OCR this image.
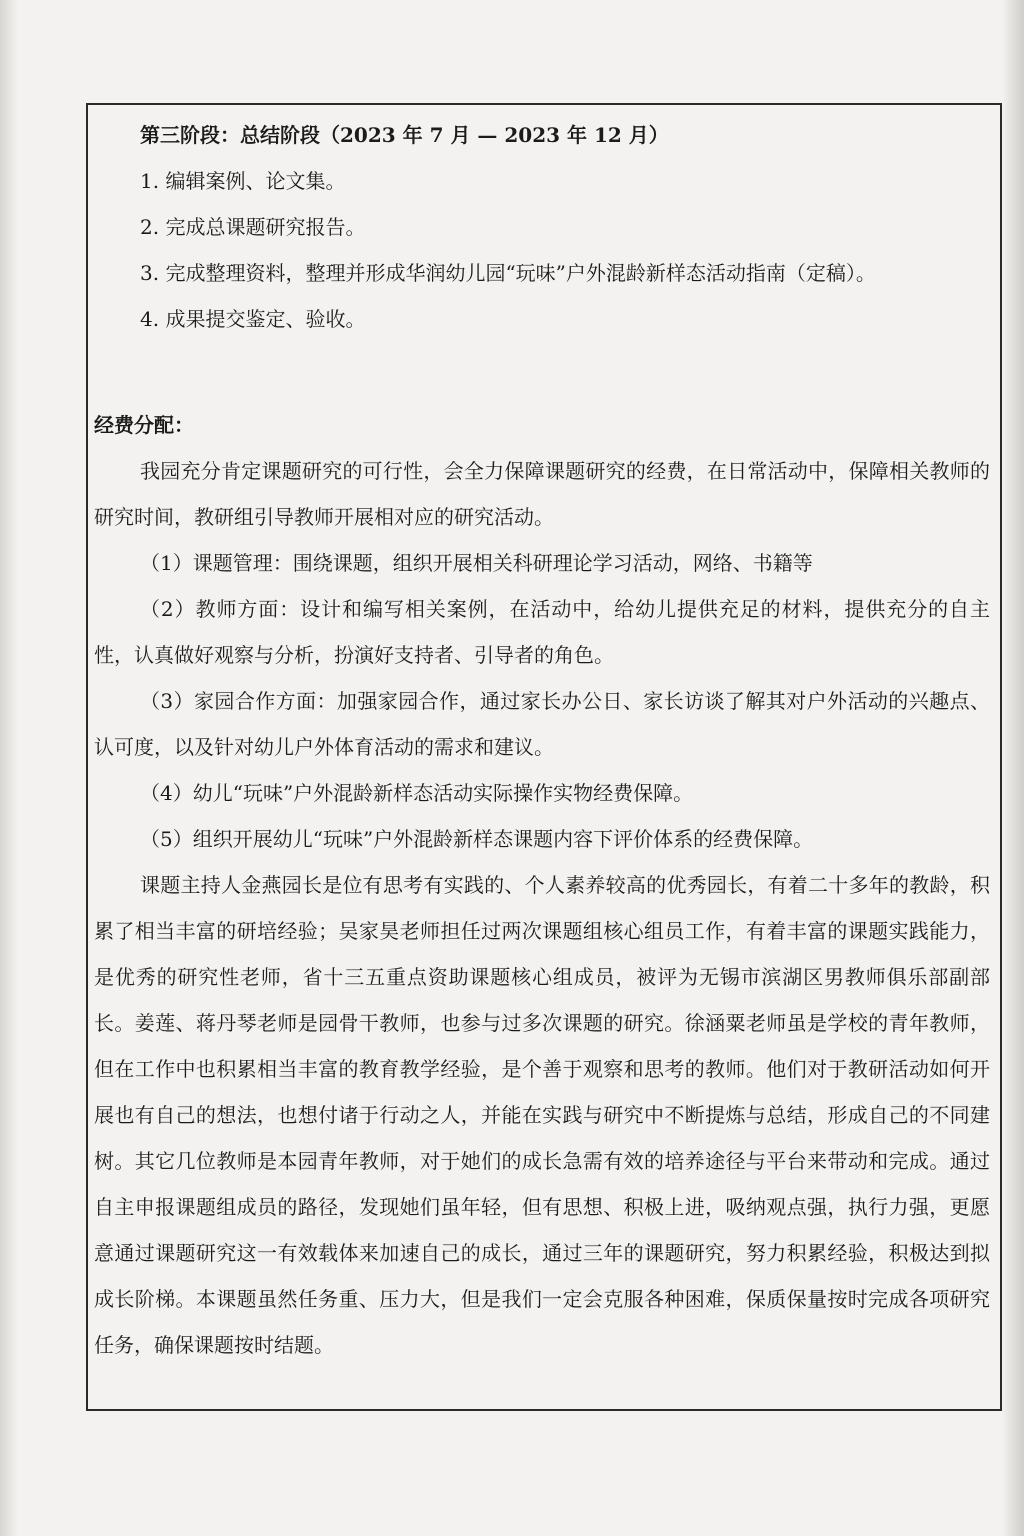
第三阶段：总结阶段（2023 年 7 月 — 2023 年 12 月）

1. 编辑案例、论文集。

2. 完成总课题研究报告。

3. 完成整理资料，整理并形成华润幼儿园“玩味”户外混龄新样态活动指南（定稿）。

4. 成果提交鉴定、验收。

经费分配：

我园充分肯定课题研究的可行性，会全力保障课题研究的经费，在日常活动中，保障相关教师的研究时间，教研组引导教师开展相对应的研究活动。

（1）课题管理：围绕课题，组织开展相关科研理论学习活动，网络、书籍等

（2）教师方面：设计和编写相关案例，在活动中，给幼儿提供充足的材料，提供充分的自主性，认真做好观察与分析，扮演好支持者、引导者的角色。

（3）家园合作方面：加强家园合作，通过家长办公日、家长访谈了解其对户外活动的兴趣点、认可度，以及针对幼儿户外体育活动的需求和建议。

（4）幼儿“玩味”户外混龄新样态活动实际操作实物经费保障。

（5）组织开展幼儿“玩味”户外混龄新样态课题内容下评价体系的经费保障。

课题主持人金燕园长是位有思考有实践的、个人素养较高的优秀园长，有着二十多年的教龄，积累了相当丰富的研培经验；吴家昊老师担任过两次课题组核心组员工作，有着丰富的课题实践能力，是优秀的研究性老师，省十三五重点资助课题核心组成员，被评为无锡市滨湖区男教师俱乐部副部长。姜莲、蒋丹琴老师是园骨干教师，也参与过多次课题的研究。徐涵粟老师虽是学校的青年教师，但在工作中也积累相当丰富的教育教学经验，是个善于观察和思考的教师。他们对于教研活动如何开展也有自己的想法，也想付诸于行动之人，并能在实践与研究中不断提炼与总结，形成自己的不同建树。其它几位教师是本园青年教师，对于她们的成长急需有效的培养途径与平台来带动和完成。通过自主申报课题组成员的路径，发现她们虽年轻，但有思想、积极上进，吸纳观点强，执行力强，更愿意通过课题研究这一有效载体来加速自己的成长，通过三年的课题研究，努力积累经验，积极达到拟成长阶梯。本课题虽然任务重、压力大，但是我们一定会克服各种困难，保质保量按时完成各项研究任务，确保课题按时结题。
